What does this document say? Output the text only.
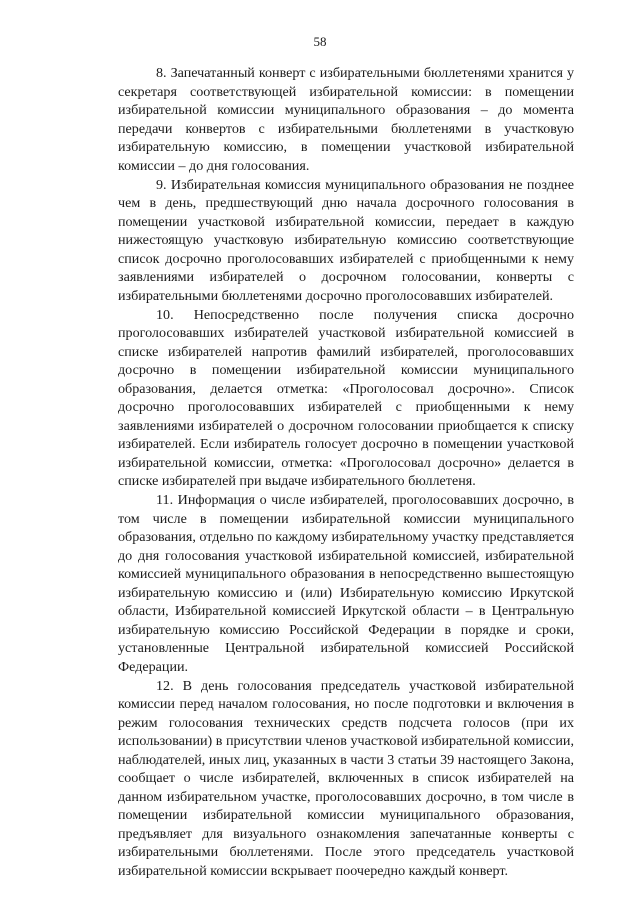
58

8. Запечатанный конверт с избирательными бюллетенями хранится у секретаря соответствующей избирательной комиссии: в помещении избирательной комиссии муниципального образования – до момента передачи конвертов с избирательными бюллетенями в участковую избирательную комиссию, в помещении участковой избирательной комиссии – до дня голосования.

9. Избирательная комиссия муниципального образования не позднее чем в день, предшествующий дню начала досрочного голосования в помещении участковой избирательной комиссии, передает в каждую нижестоящую участковую избирательную комиссию соответствующие список досрочно проголосовавших избирателей с приобщенными к нему заявлениями избирателей о досрочном голосовании, конверты с избирательными бюллетенями досрочно проголосовавших избирателей.

10. Непосредственно после получения списка досрочно проголосовавших избирателей участковой избирательной комиссией в списке избирателей напротив фамилий избирателей, проголосовавших досрочно в помещении избирательной комиссии муниципального образования, делается отметка: «Проголосовал досрочно». Список досрочно проголосовавших избирателей с приобщенными к нему заявлениями избирателей о досрочном голосовании приобщается к списку избирателей. Если избиратель голосует досрочно в помещении участковой избирательной комиссии, отметка: «Проголосовал досрочно» делается в списке избирателей при выдаче избирательного бюллетеня.

11. Информация о числе избирателей, проголосовавших досрочно, в том числе в помещении избирательной комиссии муниципального образования, отдельно по каждому избирательному участку представляется до дня голосования участковой избирательной комиссией, избирательной комиссией муниципального образования в непосредственно вышестоящую избирательную комиссию и (или) Избирательную комиссию Иркутской области, Избирательной комиссией Иркутской области – в Центральную избирательную комиссию Российской Федерации в порядке и сроки, установленные Центральной избирательной комиссией Российской Федерации.

12. В день голосования председатель участковой избирательной комиссии перед началом голосования, но после подготовки и включения в режим голосования технических средств подсчета голосов (при их использовании) в присутствии членов участковой избирательной комиссии, наблюдателей, иных лиц, указанных в части 3 статьи 39 настоящего Закона, сообщает о числе избирателей, включенных в список избирателей на данном избирательном участке, проголосовавших досрочно, в том числе в помещении избирательной комиссии муниципального образования, предъявляет для визуального ознакомления запечатанные конверты с избирательными бюллетенями. После этого председатель участковой избирательной комиссии вскрывает поочередно каждый конверт.
